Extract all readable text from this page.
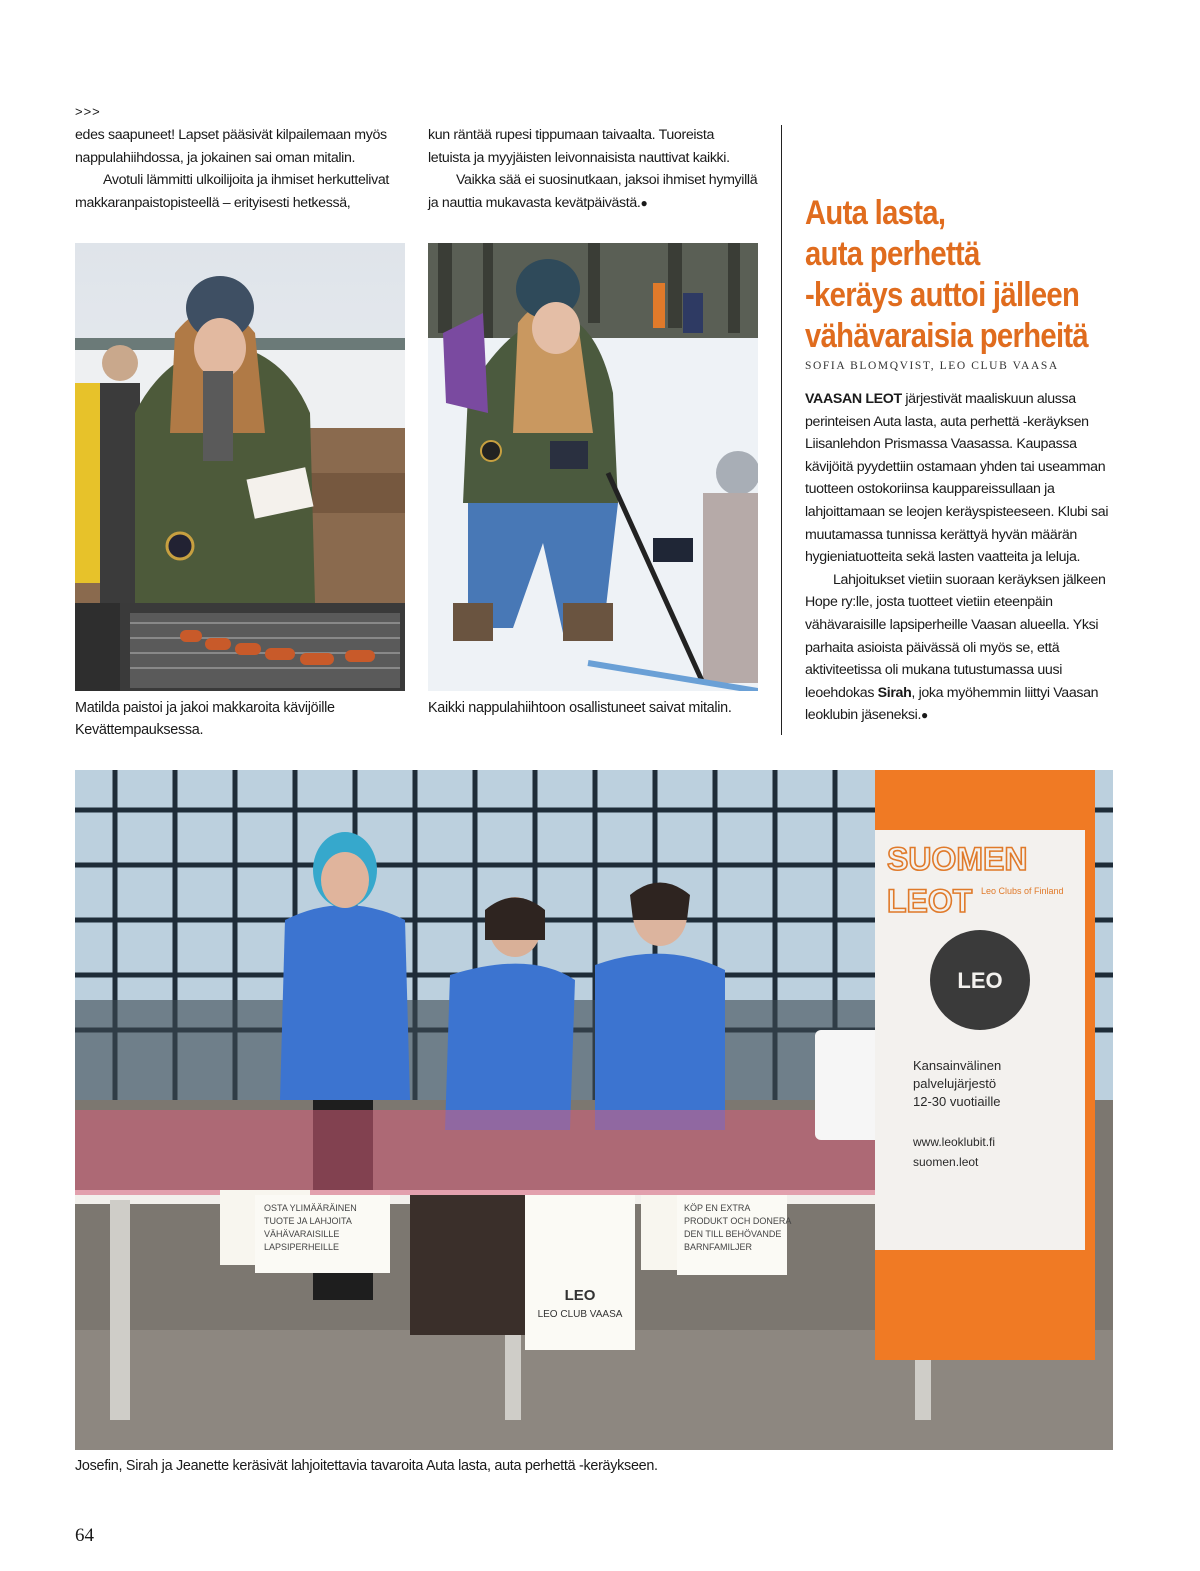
>>>

edes saapuneet! Lapset pääsivät kilpailemaan myös nappulahiihdossa, ja jokainen sai oman mitalin.

Avotuli lämmitti ulkoilijoita ja ihmiset herkuttelivat makkaranpaistopisteellä – erityisesti hetkessä,

kun räntää rupesi tippumaan taivaalta. Tuoreista letuista ja myyjäisten leivonnaisista nauttivat kaikki.

Vaikka sää ei suosinutkaan, jaksoi ihmiset hymyillä ja nauttia mukavasta kevätpäivästä.●

Matilda paistoi ja jakoi makkaroita kävijöille Kevättempauksessa.
Kaikki nappulahiihtoon osallistuneet saivat mitalin.
Auta lasta,
auta perhettä
-keräys auttoi jälleen
vähävaraisia perheitä
SOFIA BLOMQVIST, LEO CLUB VAASA

VAASAN LEOT järjestivät maaliskuun alussa perinteisen Auta lasta, auta perhettä -keräyksen Liisanlehdon Prismassa Vaasassa. Kaupassa kävijöitä pyydettiin ostamaan yhden tai useamman tuotteen ostokoriinsa kauppareissullaan ja lahjoittamaan se leojen keräyspisteeseen. Klubi sai muutamassa tunnissa kerättyä hyvän määrän hygieniatuotteita sekä lasten vaatteita ja leluja.

Lahjoitukset vietiin suoraan keräyksen jälkeen Hope ry:lle, josta tuotteet vietiin eteenpäin vähävaraisille lapsiperheille Vaasan alueella. Yksi parhaita asioista päivässä oli myös se, että aktiviteetissa oli mukana tutustumassa uusi leoehdokas Sirah, joka myöhemmin liittyi Vaasan leoklubin jäseneksi.●

OSTA YLIMÄÄRÄINEN TUOTE JA LAHJOITA VÄHÄVARAISILLE LAPSIPERHEILLE
LEO
LEO CLUB VAASA
KÖP EN EXTRA PRODUKT OCH DONERA DEN TILL BEHÖVANDE BARNFAMILJER
SUOMEN
LEOT Leo Clubs of Finland
LEO
Kansainvälinen
palvelujärjestö
12-30 vuotiaille
www.leoklubit.fi
suomen.leot
Josefin, Sirah ja Jeanette keräsivät lahjoitettavia tavaroita Auta lasta, auta perhettä -keräykseen.
64
